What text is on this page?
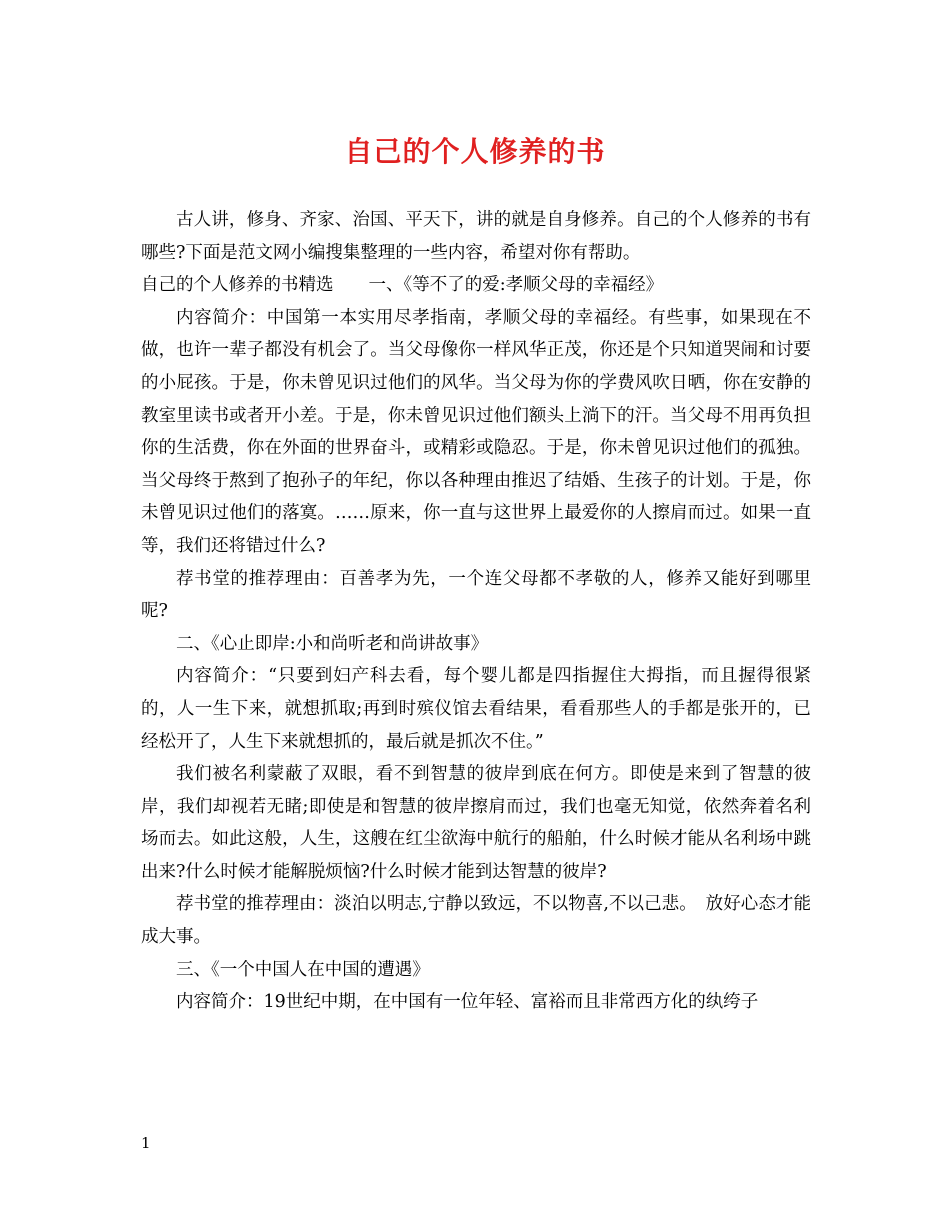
自己的个人修养的书

古人讲，修身、齐家、治国、平天下，讲的就是自身修养。自己的个人修养的书有哪些?下面是范文网小编搜集整理的一些内容，希望对你有帮助。

自己的个人修养的书精选　　一、《等不了的爱:孝顺父母的幸福经》

内容简介：中国第一本实用尽孝指南，孝顺父母的幸福经。有些事，如果现在不做，也许一辈子都没有机会了。当父母像你一样风华正茂，你还是个只知道哭闹和讨要的小屁孩。于是，你未曾见识过他们的风华。当父母为你的学费风吹日晒，你在安静的教室里读书或者开小差。于是，你未曾见识过他们额头上淌下的汗。当父母不用再负担你的生活费，你在外面的世界奋斗，或精彩或隐忍。于是，你未曾见识过他们的孤独。当父母终于熬到了抱孙子的年纪，你以各种理由推迟了结婚、生孩子的计划。于是，你未曾见识过他们的落寞。……原来，你一直与这世界上最爱你的人擦肩而过。如果一直等，我们还将错过什么?

荐书堂的推荐理由：百善孝为先，一个连父母都不孝敬的人，修养又能好到哪里呢?

二、《心止即岸:小和尚听老和尚讲故事》

内容简介：“只要到妇产科去看，每个婴儿都是四指握住大拇指，而且握得很紧的，人一生下来，就想抓取;再到时殡仪馆去看结果，看看那些人的手都是张开的，已经松开了，人生下来就想抓的，最后就是抓次不住。”

我们被名利蒙蔽了双眼，看不到智慧的彼岸到底在何方。即使是来到了智慧的彼岸，我们却视若无睹;即使是和智慧的彼岸擦肩而过，我们也毫无知觉，依然奔着名利场而去。如此这般，人生，这艘在红尘欲海中航行的船舶，什么时候才能从名利场中跳出来?什么时候才能解脱烦恼?什么时候才能到达智慧的彼岸?

荐书堂的推荐理由：淡泊以明志,宁静以致远，不以物喜,不以己悲。　放好心态才能成大事。

三、《一个中国人在中国的遭遇》

内容简介：19世纪中期，在中国有一位年轻、富裕而且非常西方化的纨绔子

1
